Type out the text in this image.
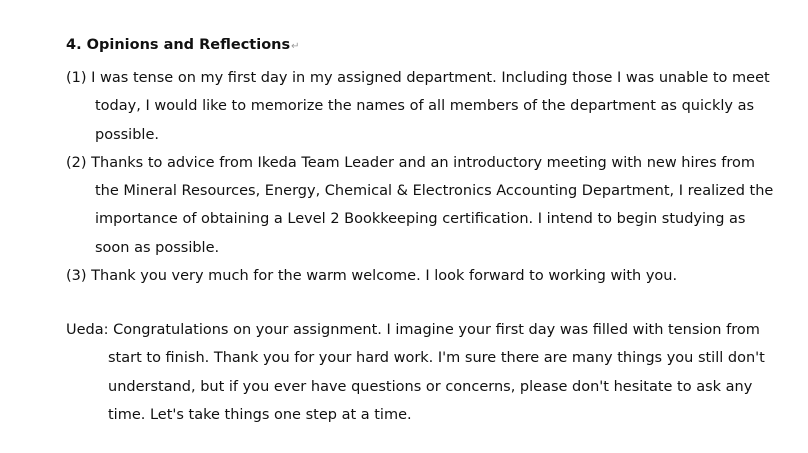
4. Opinions and Reflections↵
(1) I was tense on my first day in my assigned department. Including those I was unable to meet
today, I would like to memorize the names of all members of the department as quickly as
possible.
(2) Thanks to advice from Ikeda Team Leader and an introductory meeting with new hires from
the Mineral Resources, Energy, Chemical & Electronics Accounting Department, I realized the
importance of obtaining a Level 2 Bookkeeping certification. I intend to begin studying as
soon as possible.
(3) Thank you very much for the warm welcome. I look forward to working with you.
Ueda: Congratulations on your assignment. I imagine your first day was filled with tension from
start to finish. Thank you for your hard work. I'm sure there are many things you still don't
understand, but if you ever have questions or concerns, please don't hesitate to ask any
time. Let's take things one step at a time.
